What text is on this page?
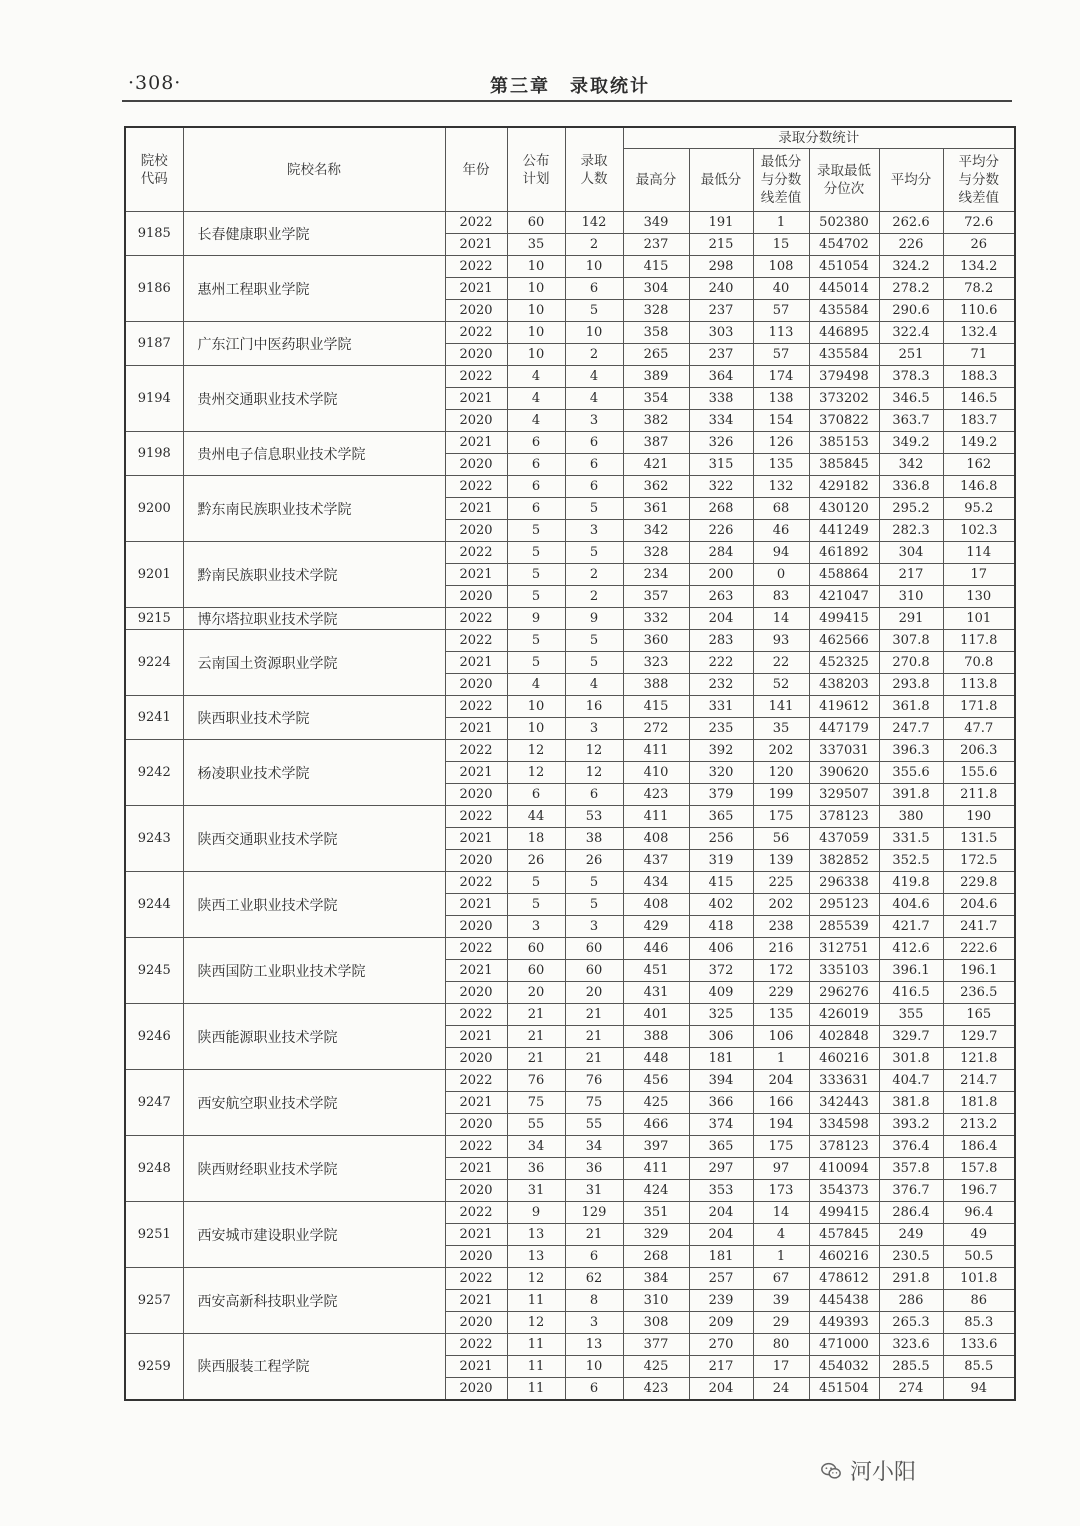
·308·	第三章　录取统计
院校代码	院校名称	年份	公布计划	录取人数	录取分数统计					
					最高分	最低分	最低分与分数线差值	录取最低分位次	平均分	平均分与分数线差值
9185	长春健康职业学院	2022	60	142	349	191	1	502380	262.6	72.6
		2021	35	2	237	215	15	454702	226	26
9186	惠州工程职业学院	2022	10	10	415	298	108	451054	324.2	134.2
		2021	10	6	304	240	40	445014	278.2	78.2
		2020	10	5	328	237	57	435584	290.6	110.6
9187	广东江门中医药职业学院	2022	10	10	358	303	113	446895	322.4	132.4
		2020	10	2	265	237	57	435584	251	71
9194	贵州交通职业技术学院	2022	4	4	389	364	174	379498	378.3	188.3
		2021	4	4	354	338	138	373202	346.5	146.5
		2020	4	3	382	334	154	370822	363.7	183.7
9198	贵州电子信息职业技术学院	2021	6	6	387	326	126	385153	349.2	149.2
		2020	6	6	421	315	135	385845	342	162
9200	黔东南民族职业技术学院	2022	6	6	362	322	132	429182	336.8	146.8
		2021	6	5	361	268	68	430120	295.2	95.2
		2020	5	3	342	226	46	441249	282.3	102.3
9201	黔南民族职业技术学院	2022	5	5	328	284	94	461892	304	114
		2021	5	2	234	200	0	458864	217	17
		2020	5	2	357	263	83	421047	310	130
9215	博尔塔拉职业技术学院	2022	9	9	332	204	14	499415	291	101
9224	云南国土资源职业学院	2022	5	5	360	283	93	462566	307.8	117.8
		2021	5	5	323	222	22	452325	270.8	70.8
		2020	4	4	388	232	52	438203	293.8	113.8
9241	陕西职业技术学院	2022	10	16	415	331	141	419612	361.8	171.8
		2021	10	3	272	235	35	447179	247.7	47.7
9242	杨凌职业技术学院	2022	12	12	411	392	202	337031	396.3	206.3
		2021	12	12	410	320	120	390620	355.6	155.6
		2020	6	6	423	379	199	329507	391.8	211.8
9243	陕西交通职业技术学院	2022	44	53	411	365	175	378123	380	190
		2021	18	38	408	256	56	437059	331.5	131.5
		2020	26	26	437	319	139	382852	352.5	172.5
9244	陕西工业职业技术学院	2022	5	5	434	415	225	296338	419.8	229.8
		2021	5	5	408	402	202	295123	404.6	204.6
		2020	3	3	429	418	238	285539	421.7	241.7
9245	陕西国防工业职业技术学院	2022	60	60	446	406	216	312751	412.6	222.6
		2021	60	60	451	372	172	335103	396.1	196.1
		2020	20	20	431	409	229	296276	416.5	236.5
9246	陕西能源职业技术学院	2022	21	21	401	325	135	426019	355	165
		2021	21	21	388	306	106	402848	329.7	129.7
		2020	21	21	448	181	1	460216	301.8	121.8
9247	西安航空职业技术学院	2022	76	76	456	394	204	333631	404.7	214.7
		2021	75	75	425	366	166	342443	381.8	181.8
		2020	55	55	466	374	194	334598	393.2	213.2
9248	陕西财经职业技术学院	2022	34	34	397	365	175	378123	376.4	186.4
		2021	36	36	411	297	97	410094	357.8	157.8
		2020	31	31	424	353	173	354373	376.7	196.7
9251	西安城市建设职业学院	2022	9	129	351	204	14	499415	286.4	96.4
		2021	13	21	329	204	4	457845	249	49
		2020	13	6	268	181	1	460216	230.5	50.5
9257	西安高新科技职业学院	2022	12	62	384	257	67	478612	291.8	101.8
		2021	11	8	310	239	39	445438	286	86
		2020	12	3	308	209	29	449393	265.3	85.3
9259	陕西服装工程学院	2022	11	13	377	270	80	471000	323.6	133.6
		2021	11	10	425	217	17	454032	285.5	85.5
		2020	11	6	423	204	24	451504	274	94
河小阳
